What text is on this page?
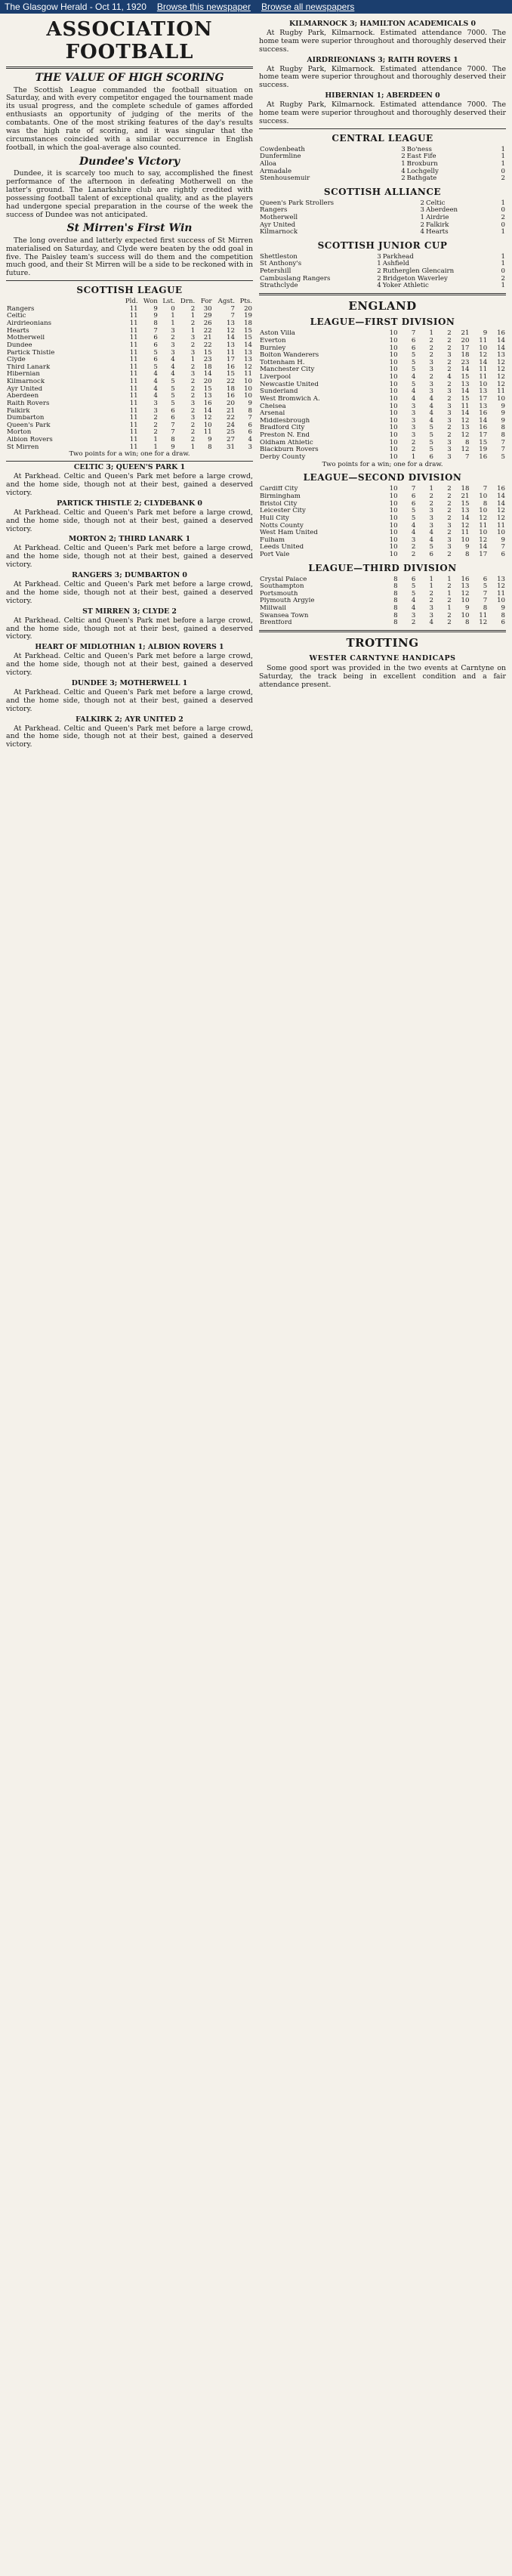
The Glasgow Herald - Oct 11, 1920 Browse this newspaper Browse all newspapers
ASSOCIATION FOOTBALL
THE VALUE OF HIGH SCORING

The Scottish League commanded the football situation on Saturday, and with every competitor engaged the tournament made its usual progress, and the complete schedule of games afforded enthusiasts an opportunity of judging of the merits of the combatants. One of the most striking features of the day's results was the high rate of scoring, and it was singular that the circumstances coincided with a similar occurrence in English football, in which the goal-average also counted.

Dundee's Victory

Dundee, it is scarcely too much to say, accomplished the finest performance of the afternoon in defeating Motherwell on the latter's ground. The Lanarkshire club are rightly credited with possessing football talent of exceptional quality, and as the players had undergone special preparation in the course of the week the success of Dundee was not anticipated.

St Mirren's First Win

The long overdue and latterly expected first success of St Mirren materialised on Saturday, and Clyde were beaten by the odd goal in five. The Paisley team's success will do them and the competition much good, and their St Mirren will be a side to be reckoned with in future.

SCOTTISH LEAGUE
	Pld.	Won	Lst.	Drn.	For	Agst.	Pts.
Rangers	11	9	0	2	30	7	20
Celtic	11	9	1	1	29	7	19
Airdrieonians	11	8	1	2	26	13	18
Hearts	11	7	3	1	22	12	15
Motherwell	11	6	2	3	21	14	15
Dundee	11	6	3	2	22	13	14
Partick Thistle	11	5	3	3	15	11	13
Clyde	11	6	4	1	23	17	13
Third Lanark	11	5	4	2	18	16	12
Hibernian	11	4	4	3	14	15	11
Kilmarnock	11	4	5	2	20	22	10
Ayr United	11	4	5	2	15	18	10
Aberdeen	11	4	5	2	13	16	10
Raith Rovers	11	3	5	3	16	20	9
Falkirk	11	3	6	2	14	21	8
Dumbarton	11	2	6	3	12	22	7
Queen's Park	11	2	7	2	10	24	6
Morton	11	2	7	2	11	25	6
Albion Rovers	11	1	8	2	9	27	4
St Mirren	11	1	9	1	8	31	3
Two points for a win; one for a draw.
CELTIC 3; QUEEN'S PARK 1

At Parkhead. Celtic and Queen's Park met before a large crowd, and the home side, though not at their best, gained a deserved victory.

PARTICK THISTLE 2; CLYDEBANK 0

At Parkhead. Celtic and Queen's Park met before a large crowd, and the home side, though not at their best, gained a deserved victory.

MORTON 2; THIRD LANARK 1

At Parkhead. Celtic and Queen's Park met before a large crowd, and the home side, though not at their best, gained a deserved victory.

RANGERS 3; DUMBARTON 0

At Parkhead. Celtic and Queen's Park met before a large crowd, and the home side, though not at their best, gained a deserved victory.

ST MIRREN 3; CLYDE 2

At Parkhead. Celtic and Queen's Park met before a large crowd, and the home side, though not at their best, gained a deserved victory.

HEART OF MIDLOTHIAN 1; ALBION ROVERS 1

At Parkhead. Celtic and Queen's Park met before a large crowd, and the home side, though not at their best, gained a deserved victory.

DUNDEE 3; MOTHERWELL 1

At Parkhead. Celtic and Queen's Park met before a large crowd, and the home side, though not at their best, gained a deserved victory.

FALKIRK 2; AYR UNITED 2

At Parkhead. Celtic and Queen's Park met before a large crowd, and the home side, though not at their best, gained a deserved victory.

KILMARNOCK 3; HAMILTON ACADEMICALS 0

At Rugby Park, Kilmarnock. Estimated attendance 7000. The home team were superior throughout and thoroughly deserved their success.

AIRDRIEONIANS 3; RAITH ROVERS 1

At Rugby Park, Kilmarnock. Estimated attendance 7000. The home team were superior throughout and thoroughly deserved their success.

HIBERNIAN 1; ABERDEEN 0

At Rugby Park, Kilmarnock. Estimated attendance 7000. The home team were superior throughout and thoroughly deserved their success.

CENTRAL LEAGUE
Cowdenbeath	3	Bo'ness	1
Dunfermline	2	East Fife	1
Alloa	1	Broxburn	1
Armadale	4	Lochgelly	0
Stenhousemuir	2	Bathgate	2
SCOTTISH ALLIANCE
Queen's Park Strollers	2	Celtic	1
Rangers	3	Aberdeen	0
Motherwell	1	Airdrie	2
Ayr United	2	Falkirk	0
Kilmarnock	4	Hearts	1
SCOTTISH JUNIOR CUP
Shettleston	3	Parkhead	1
St Anthony's	1	Ashfield	1
Petershill	2	Rutherglen Glencairn	0
Cambuslang Rangers	2	Bridgeton Waverley	2
Strathclyde	4	Yoker Athletic	1
ENGLAND
LEAGUE—FIRST DIVISION
Aston Villa	10	7	1	2	21	9	16
Everton	10	6	2	2	20	11	14
Burnley	10	6	2	2	17	10	14
Bolton Wanderers	10	5	2	3	18	12	13
Tottenham H.	10	5	3	2	23	14	12
Manchester City	10	5	3	2	14	11	12
Liverpool	10	4	2	4	15	11	12
Newcastle United	10	5	3	2	13	10	12
Sunderland	10	4	3	3	14	13	11
West Bromwich A.	10	4	4	2	15	17	10
Chelsea	10	3	4	3	11	13	9
Arsenal	10	3	4	3	14	16	9
Middlesbrough	10	3	4	3	12	14	9
Bradford City	10	3	5	2	13	16	8
Preston N. End	10	3	5	2	12	17	8
Oldham Athletic	10	2	5	3	8	15	7
Blackburn Rovers	10	2	5	3	12	19	7
Derby County	10	1	6	3	7	16	5
Two points for a win; one for a draw.
LEAGUE—SECOND DIVISION
Cardiff City	10	7	1	2	18	7	16
Birmingham	10	6	2	2	21	10	14
Bristol City	10	6	2	2	15	8	14
Leicester City	10	5	3	2	13	10	12
Hull City	10	5	3	2	14	12	12
Notts County	10	4	3	3	12	11	11
West Ham United	10	4	4	2	11	10	10
Fulham	10	3	4	3	10	12	9
Leeds United	10	2	5	3	9	14	7
Port Vale	10	2	6	2	8	17	6
LEAGUE—THIRD DIVISION
Crystal Palace	8	6	1	1	16	6	13
Southampton	8	5	1	2	13	5	12
Portsmouth	8	5	2	1	12	7	11
Plymouth Argyle	8	4	2	2	10	7	10
Millwall	8	4	3	1	9	8	9
Swansea Town	8	3	3	2	10	11	8
Brentford	8	2	4	2	8	12	6
TROTTING
WESTER CARNTYNE HANDICAPS

Some good sport was provided in the two events at Carntyne on Saturday, the track being in excellent condition and a fair attendance present.
